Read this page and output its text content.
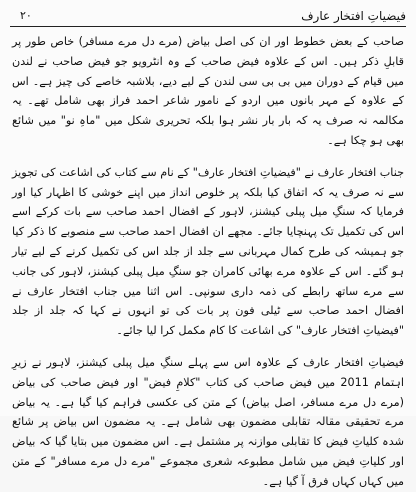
فیضیاتِ افتخار عارف
۲۰

صاحب کے بعض خطوط اور ان کی اصل بیاض (مرے دل مرے مسافر) خاص طور پر قابلِ ذکر ہیں۔ اس کے علاوہ فیض صاحب کے وہ انٹرویو جو فیض صاحب نے لندن میں قیام کے دوران میں بی بی سی لندن کے لیے دیے، بلاشبہ خاصے کی چیز ہے۔ اس کے علاوہ کے مہر بانوں میں اردو کے نامور شاعر احمد فراز بھی شامل تھے۔ یہ مکالمہ نہ صرف یہ کہ بار بار نشر ہوا بلکہ تحریری شکل میں "ماہِ نو" میں شائع بھی ہو چکا ہے۔

جناب افتخار عارف نے "فیضیاتِ افتخار عارف" کے نام سے کتاب کی اشاعت کی تجویز سے نہ صرف یہ کہ اتفاق کیا بلکہ پر خلوص انداز میں اپنے خوشی کا اظہار کیا اور فرمایا کہ سنگِ میل پبلی کیشنز، لاہور کے افضال احمد صاحب سے بات کرکے اسے اس کی تکمیل تک پہنچایا جائے۔ مجھے ان افضال احمد صاحب سے منصوبے کا ذکر کیا جو ہمیشہ کی طرح کمال مہربانی سے جلد از جلد اس کی تکمیل کرنے کے لیے تیار ہو گئے۔ اس کے علاوہ مرے بھائی کامران جو سنگِ میل پبلی کیشنز، لاہور کی جانب سے مرے ساتھ رابطے کی ذمہ داری سونپی۔ اس اثنا میں جناب افتخار عارف نے افضال احمد صاحب سے ٹیلی فون پر بات کی تو انہوں نے کہا کہ جلد از جلد "فیضیاتِ افتخار عارف" کی اشاعت کا کام مکمل کرا لیا جائے۔

فیضیاتِ افتخار عارف کے علاوہ اس سے پہلے سنگِ میل پبلی کیشنز، لاہور نے زیرِ اہتمام 2011 میں فیض صاحب کی کتاب "کلامِ فیض" اور فیض صاحب کی بیاض (مرے دل مرے مسافر، اصل بیاض) کے متن کی عکسی فراہم کیا گیا ہے۔ یہ بیاض مرے تحقیقی مقالہ تقابلی مضمون بھی شامل ہے۔ یہ مضمون اس بیاض پر شائع شدہ کلیاتِ فیض کا تقابلی موازنہ پر مشتمل ہے۔ اس مضمون میں بتایا گیا کہ بیاض اور کلیاتِ فیض میں شامل مطبوعہ شعری مجموعے "مرے دل مرے مسافر" کے متن میں کہاں کہاں فرق آ گیا ہے۔
